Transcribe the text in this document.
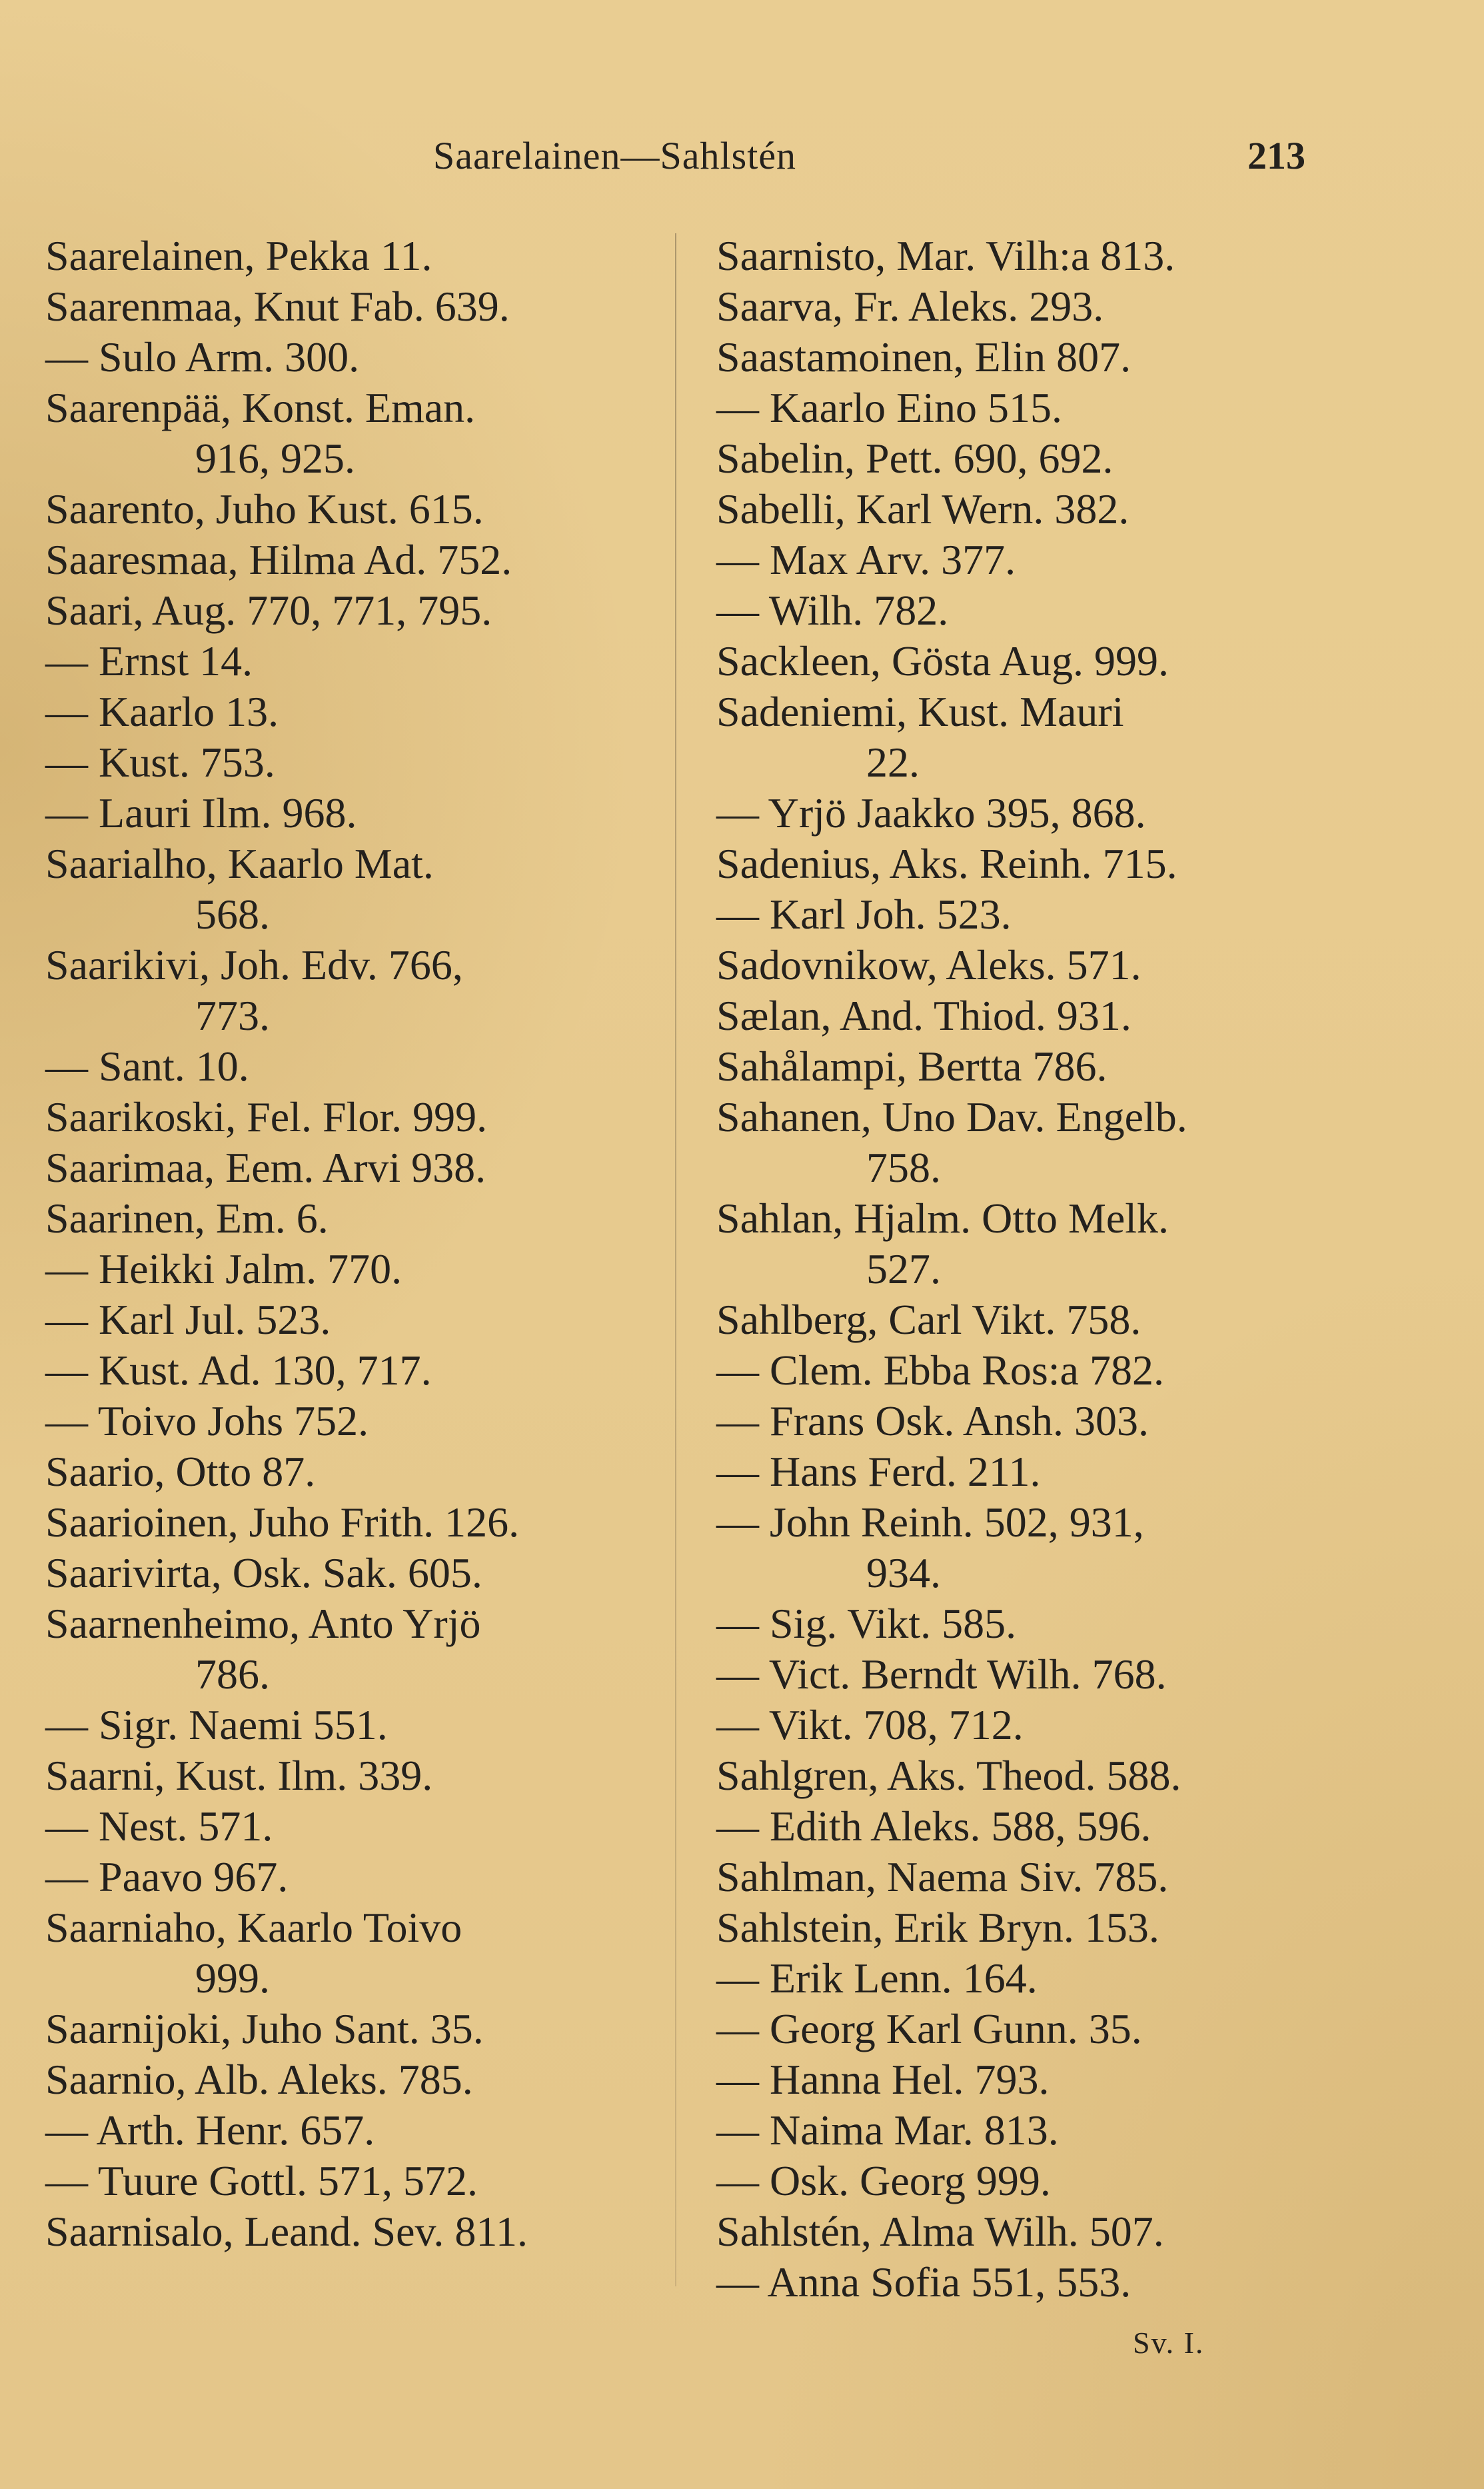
Saarelainen—Sahlstén	213
Saarelainen, Pekka 11.
Saarenmaa, Knut Fab. 639.
— Sulo Arm. 300.
Saarenpää, Konst. Eman.
916, 925.
Saarento, Juho Kust. 615.
Saaresmaa, Hilma Ad. 752.
Saari, Aug. 770, 771, 795.
— Ernst 14.
— Kaarlo 13.
— Kust. 753.
— Lauri Ilm. 968.
Saarialho, Kaarlo Mat.
568.
Saarikivi, Joh. Edv. 766,
773.
— Sant. 10.
Saarikoski, Fel. Flor. 999.
Saarimaa, Eem. Arvi 938.
Saarinen, Em. 6.
— Heikki Jalm. 770.
— Karl Jul. 523.
— Kust. Ad. 130, 717.
— Toivo Johs 752.
Saario, Otto 87.
Saarioinen, Juho Frith. 126.
Saarivirta, Osk. Sak. 605.
Saarnenheimo, Anto Yrjö
786.
— Sigr. Naemi 551.
Saarni, Kust. Ilm. 339.
— Nest. 571.
— Paavo 967.
Saarniaho, Kaarlo Toivo
999.
Saarnijoki, Juho Sant. 35.
Saarnio, Alb. Aleks. 785.
— Arth. Henr. 657.
— Tuure Gottl. 571, 572.
Saarnisalo, Leand. Sev. 811.
Saarnisto, Mar. Vilh:a 813.
Saarva, Fr. Aleks. 293.
Saastamoinen, Elin 807.
— Kaarlo Eino 515.
Sabelin, Pett. 690, 692.
Sabelli, Karl Wern. 382.
— Max Arv. 377.
— Wilh. 782.
Sackleen, Gösta Aug. 999.
Sadeniemi, Kust. Mauri
22.
— Yrjö Jaakko 395, 868.
Sadenius, Aks. Reinh. 715.
— Karl Joh. 523.
Sadovnikow, Aleks. 571.
Sælan, And. Thiod. 931.
Sahålampi, Bertta 786.
Sahanen, Uno Dav. Engelb.
758.
Sahlan, Hjalm. Otto Melk.
527.
Sahlberg, Carl Vikt. 758.
— Clem. Ebba Ros:a 782.
— Frans Osk. Ansh. 303.
— Hans Ferd. 211.
— John Reinh. 502, 931,
934.
— Sig. Vikt. 585.
— Vict. Berndt Wilh. 768.
— Vikt. 708, 712.
Sahlgren, Aks. Theod. 588.
— Edith Aleks. 588, 596.
Sahlman, Naema Siv. 785.
Sahlstein, Erik Bryn. 153.
— Erik Lenn. 164.
— Georg Karl Gunn. 35.
— Hanna Hel. 793.
— Naima Mar. 813.
— Osk. Georg 999.
Sahlstén, Alma Wilh. 507.
— Anna Sofia 551, 553.
Sv. I.
